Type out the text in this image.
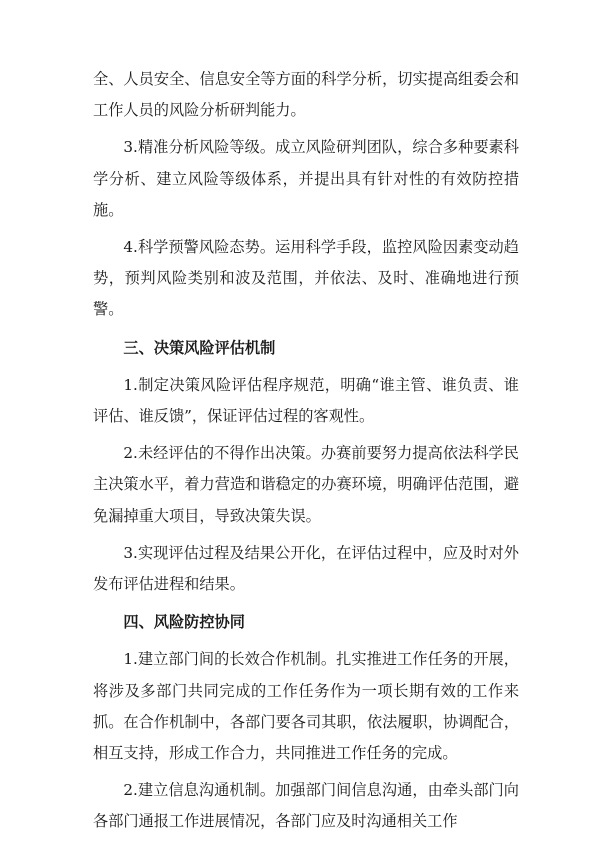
全、人员安全、信息安全等方面的科学分析，切实提高组委会和工作人员的风险分析研判能力。

3.精准分析风险等级。成立风险研判团队，综合多种要素科学分析、建立风险等级体系，并提出具有针对性的有效防控措施。

4.科学预警风险态势。运用科学手段，监控风险因素变动趋势，预判风险类别和波及范围，并依法、及时、准确地进行预警。

三、决策风险评估机制

1.制定决策风险评估程序规范，明确“谁主管、谁负责、谁评估、谁反馈”，保证评估过程的客观性。

2.未经评估的不得作出决策。办赛前要努力提高依法科学民主决策水平，着力营造和谐稳定的办赛环境，明确评估范围，避免漏掉重大项目，导致决策失误。

3.实现评估过程及结果公开化，在评估过程中，应及时对外发布评估进程和结果。

四、风险防控协同

1.建立部门间的长效合作机制。扎实推进工作任务的开展，将涉及多部门共同完成的工作任务作为一项长期有效的工作来抓。在合作机制中，各部门要各司其职，依法履职，协调配合，相互支持，形成工作合力，共同推进工作任务的完成。

2.建立信息沟通机制。加强部门间信息沟通，由牵头部门向各部门通报工作进展情况，各部门应及时沟通相关工作
